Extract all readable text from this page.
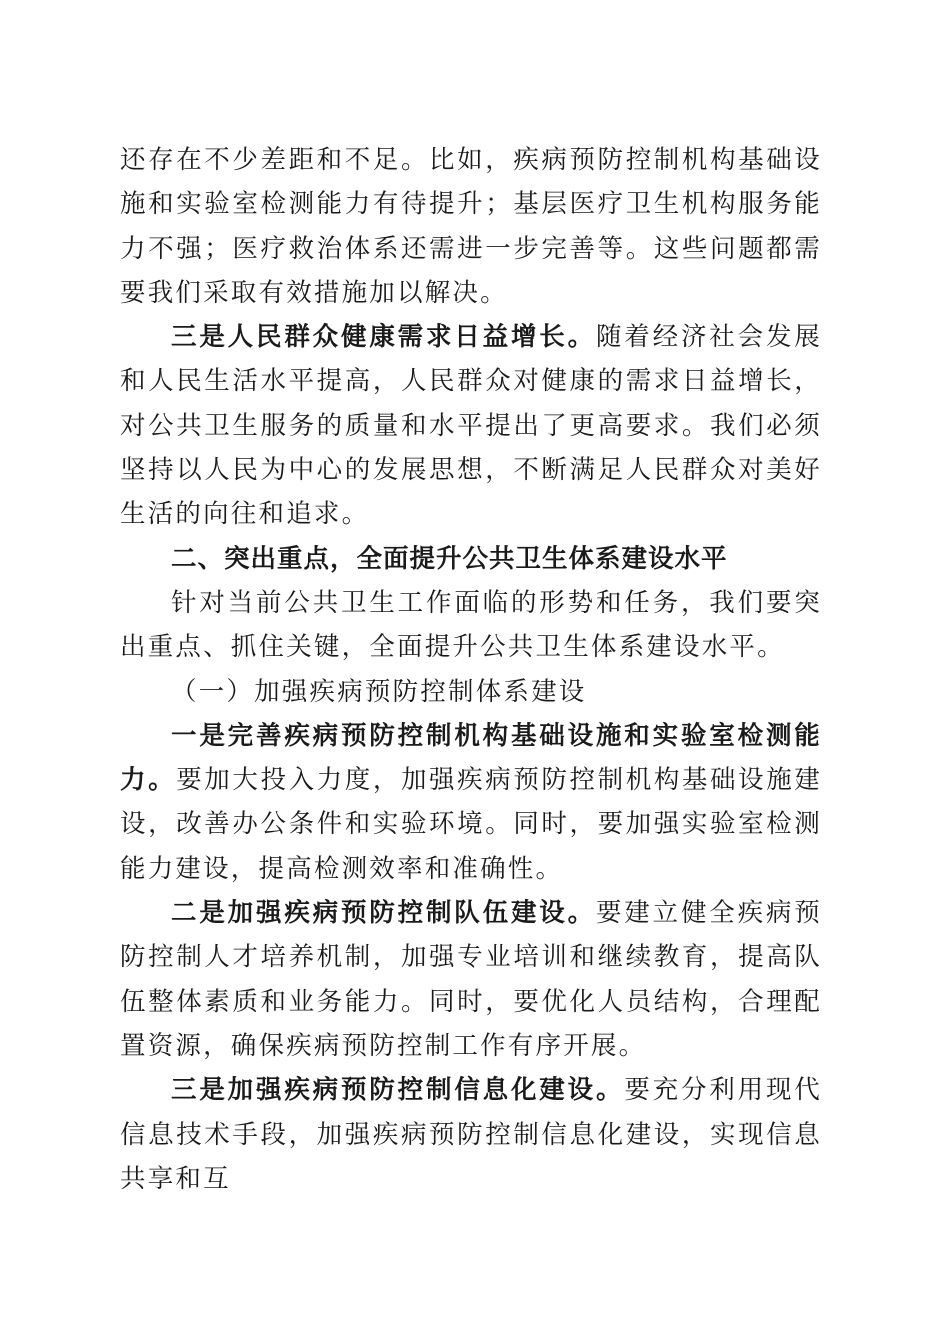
还存在不少差距和不足。比如，疾病预防控制机构基础设施和实验室检测能力有待提升；基层医疗卫生机构服务能力不强；医疗救治体系还需进一步完善等。这些问题都需要我们采取有效措施加以解决。

三是人民群众健康需求日益增长。随着经济社会发展和人民生活水平提高，人民群众对健康的需求日益增长，对公共卫生服务的质量和水平提出了更高要求。我们必须坚持以人民为中心的发展思想，不断满足人民群众对美好生活的向往和追求。

二、突出重点，全面提升公共卫生体系建设水平

针对当前公共卫生工作面临的形势和任务，我们要突出重点、抓住关键，全面提升公共卫生体系建设水平。

（一）加强疾病预防控制体系建设

一是完善疾病预防控制机构基础设施和实验室检测能力。要加大投入力度，加强疾病预防控制机构基础设施建设，改善办公条件和实验环境。同时，要加强实验室检测能力建设，提高检测效率和准确性。

二是加强疾病预防控制队伍建设。要建立健全疾病预防控制人才培养机制，加强专业培训和继续教育，提高队伍整体素质和业务能力。同时，要优化人员结构，合理配置资源，确保疾病预防控制工作有序开展。

三是加强疾病预防控制信息化建设。要充分利用现代信息技术手段，加强疾病预防控制信息化建设，实现信息共享和互
